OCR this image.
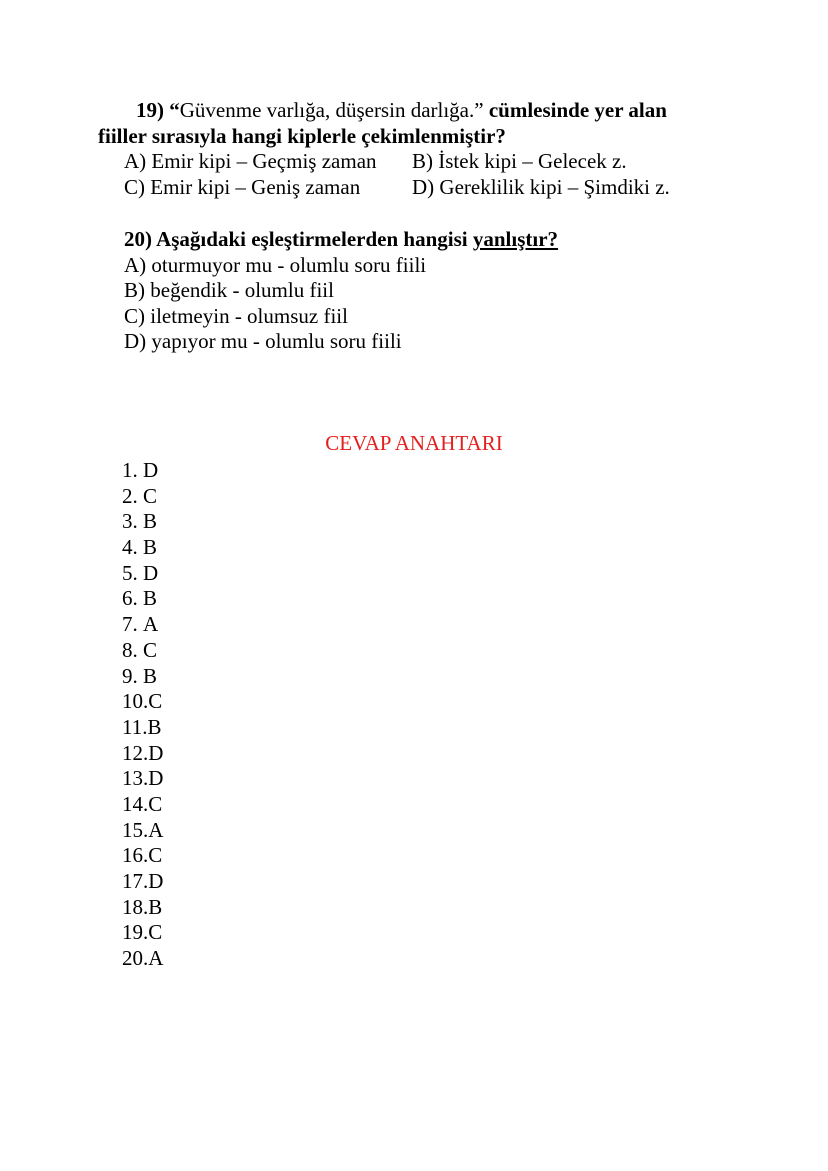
19) “Güvenme varlığa, düşersin darlığa.” cümlesinde yer alan
fiiller sırasıyla hangi kiplerle çekimlenmiştir?
A) Emir kipi – Geçmiş zaman B) İstek kipi – Gelecek z.
C) Emir kipi – Geniş zaman D) Gereklilik kipi – Şimdiki z.
20) Aşağıdaki eşleştirmelerden hangisi yanlıştır?
A) oturmuyor mu - olumlu soru fiili
B) beğendik - olumlu fiil
C) iletmeyin - olumsuz fiil
D) yapıyor mu - olumlu soru fiili
CEVAP ANAHTARI
1. D
2. C
3. B
4. B
5. D
6. B
7. A
8. C
9. B
10.C
11.B
12.D
13.D
14.C
15.A
16.C
17.D
18.B
19.C
20.A
